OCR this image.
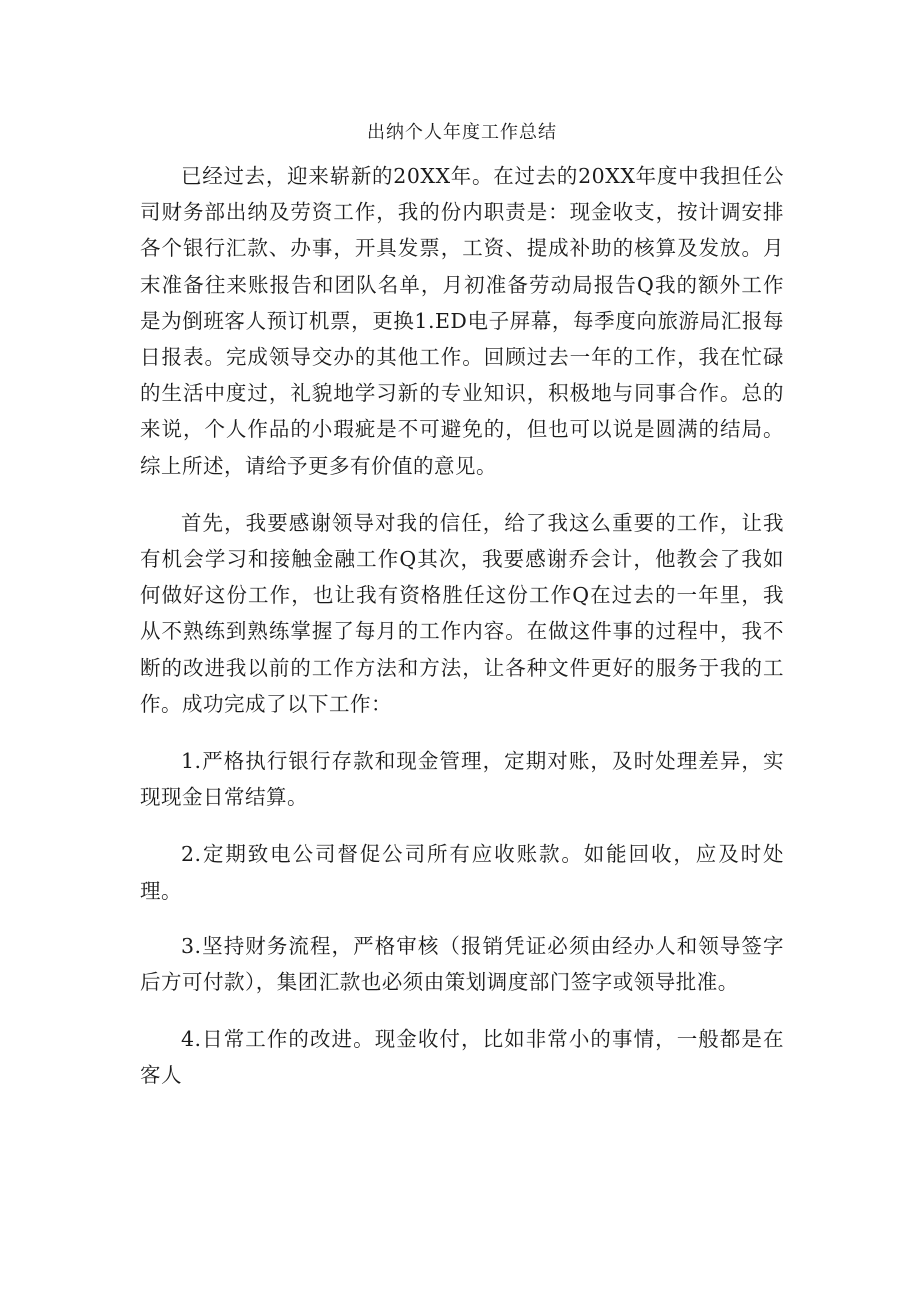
出纳个人年度工作总结

已经过去，迎来崭新的20XX年。在过去的20XX年度中我担任公司财务部出纳及劳资工作，我的份内职责是：现金收支，按计调安排各个银行汇款、办事，开具发票，工资、提成补助的核算及发放。月末准备往来账报告和团队名单，月初准备劳动局报告Q我的额外工作是为倒班客人预订机票，更换1.ED电子屏幕，每季度向旅游局汇报每日报表。完成领导交办的其他工作。回顾过去一年的工作，我在忙碌的生活中度过，礼貌地学习新的专业知识，积极地与同事合作。总的来说，个人作品的小瑕疵是不可避免的，但也可以说是圆满的结局。综上所述，请给予更多有价值的意见。

首先，我要感谢领导对我的信任，给了我这么重要的工作，让我有机会学习和接触金融工作Q其次，我要感谢乔会计，他教会了我如何做好这份工作，也让我有资格胜任这份工作Q在过去的一年里，我从不熟练到熟练掌握了每月的工作内容。在做这件事的过程中，我不断的改进我以前的工作方法和方法，让各种文件更好的服务于我的工作。成功完成了以下工作：

1.严格执行银行存款和现金管理，定期对账，及时处理差异，实现现金日常结算。

2.定期致电公司督促公司所有应收账款。如能回收，应及时处理。

3.坚持财务流程，严格审核（报销凭证必须由经办人和领导签字后方可付款），集团汇款也必须由策划调度部门签字或领导批准。

4.日常工作的改进。现金收付，比如非常小的事情，一般都是在客人
